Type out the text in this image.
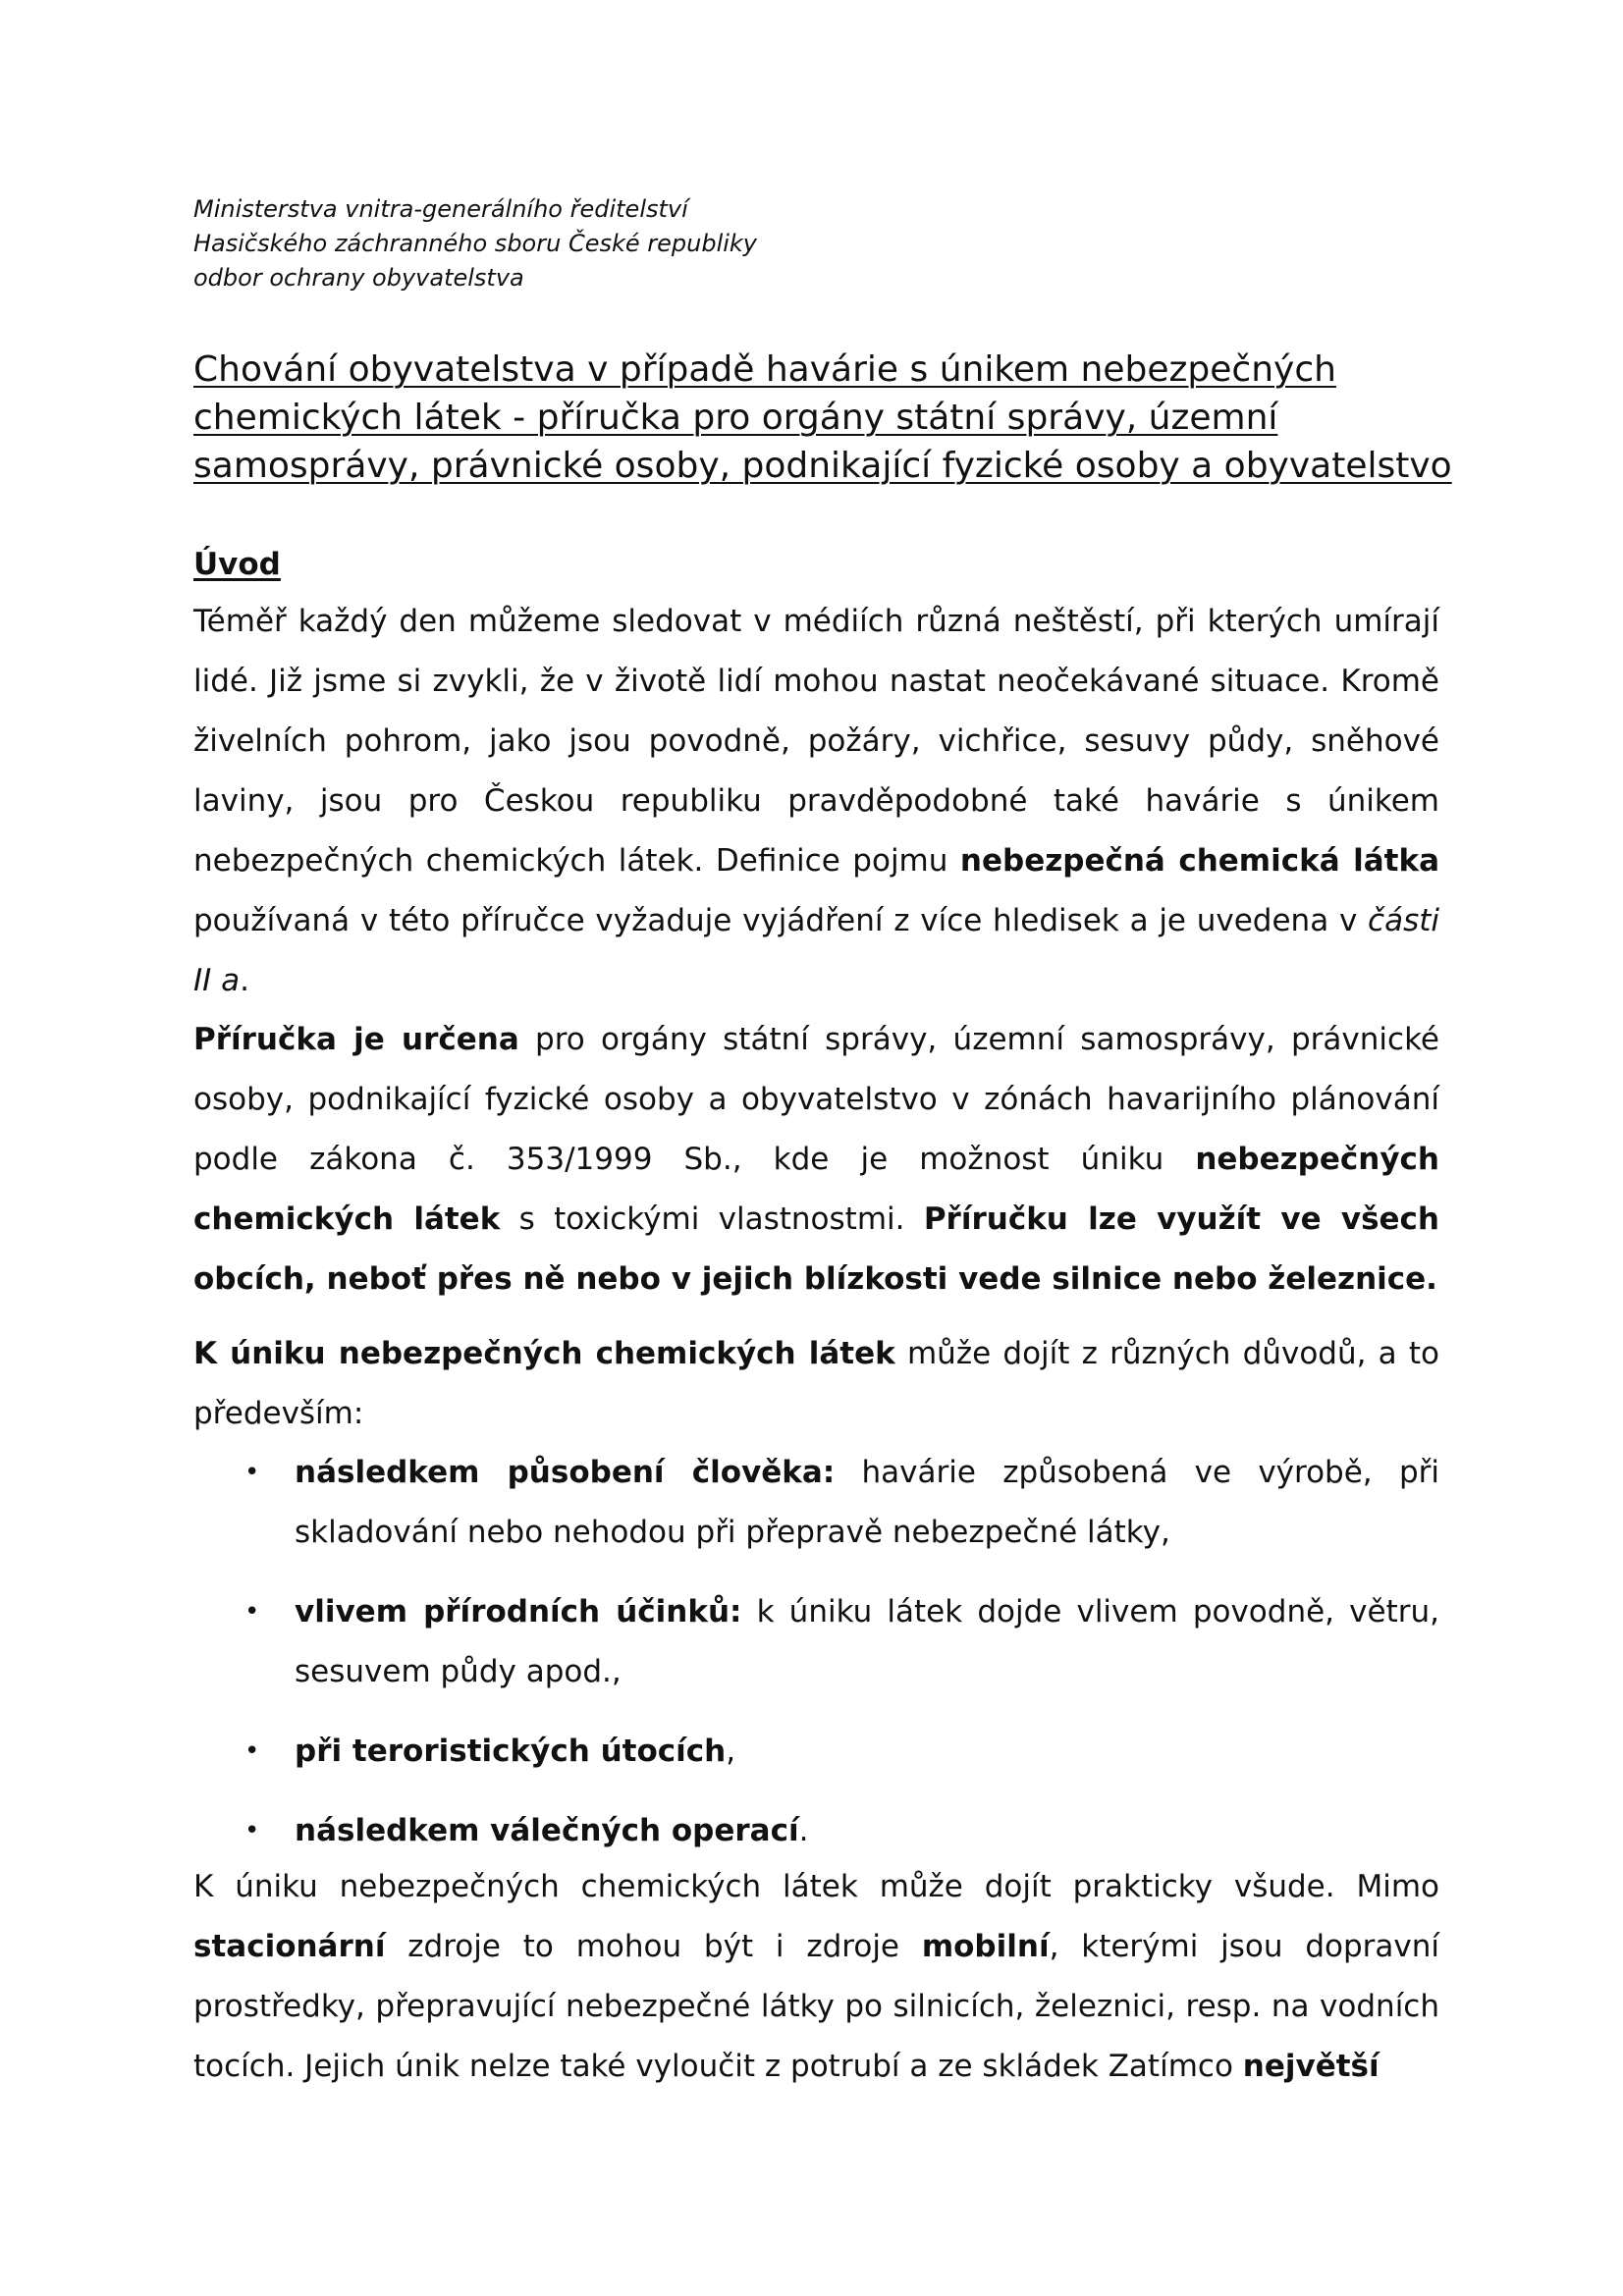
Ministerstva vnitra-generálního ředitelství
Hasičského záchranného sboru České republiky
odbor ochrany obyvatelstva
Chování obyvatelstva v případě havárie s únikem nebezpečných
chemických látek - příručka pro orgány státní správy, územní
samosprávy, právnické osoby, podnikající fyzické osoby a obyvatelstvo
Úvod

Téměř každý den můžeme sledovat v médiích různá neštěstí, při kterých umírají lidé. Již jsme si zvykli, že v životě lidí mohou nastat neočekávané situace. Kromě živelních pohrom, jako jsou povodně, požáry, vichřice, sesuvy půdy, sněhové laviny, jsou pro Českou republiku pravděpodobné také havárie s únikem nebezpečných chemických látek. Definice pojmu nebezpečná chemická látka používaná v této příručce vyžaduje vyjádření z více hledisek a je uvedena v části II a.

Příručka je určena pro orgány státní správy, územní samosprávy, právnické osoby, podnikající fyzické osoby a obyvatelstvo v zónách havarijního plánování podle zákona č. 353/1999 Sb., kde je možnost úniku nebezpečných chemických látek s toxickými vlastnostmi. Příručku lze využít ve všech obcích, neboť přes ně nebo v jejich blízkosti vede silnice nebo železnice.

K úniku nebezpečných chemických látek může dojít z různých důvodů, a to především:

• následkem působení člověka: havárie způsobená ve výrobě, při skladování nebo nehodou při přepravě nebezpečné látky,
• vlivem přírodních účinků: k úniku látek dojde vlivem povodně, větru, sesuvem půdy apod.,
• při teroristických útocích,
• následkem válečných operací.

K úniku nebezpečných chemických látek může dojít prakticky všude. Mimo stacionární zdroje to mohou být i zdroje mobilní, kterými jsou dopravní prostředky, přepravující nebezpečné látky po silnicích, železnici, resp. na vodních tocích. Jejich únik nelze také vyloučit z potrubí a ze skládek Zatímco největší
